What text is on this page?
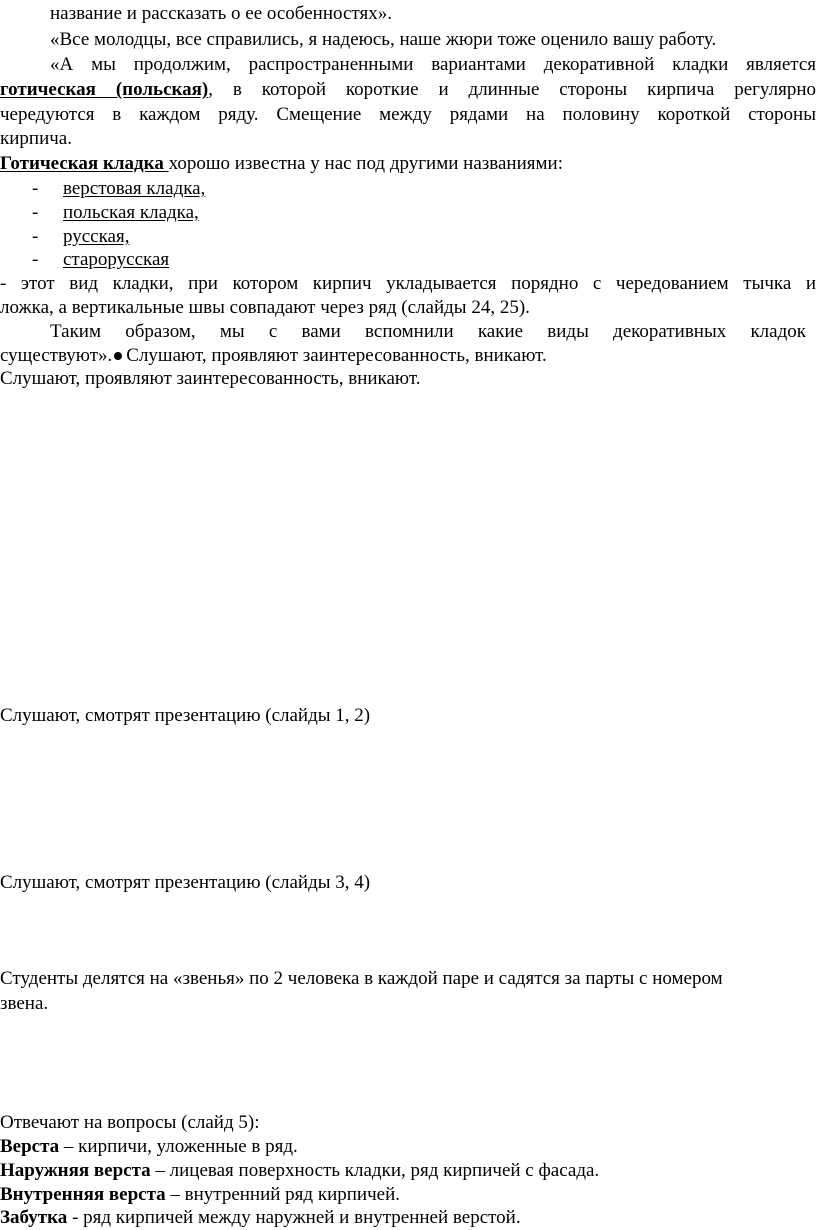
название и рассказать о ее особенностях».
«Все молодцы, все справились, я надеюсь, наше жюри тоже оценило вашу работу.
«А мы продолжим, распространенными вариантами декоративной кладки является
готическая (польская), в которой короткие и длинные стороны кирпича регулярно
чередуются в каждом ряду. Смещение между рядами на половину короткой стороны
кирпича.
Готическая кладка хорошо известна у нас под другими названиями:
- верстовая кладка,
- польская кладка,
- русская,
- старорусская
- этот вид кладки, при котором кирпич укладывается порядно с чередованием тычка и
ложка, а вертикальные швы совпадают через ряд (слайды 24, 25).
Таким образом, мы с вами вспомнили какие виды декоративных кладок
существуют». Слушают, проявляют заинтересованность, вникают.
Слушают, проявляют заинтересованность, вникают.
Слушают, смотрят презентацию (слайды 1, 2)
Слушают, смотрят презентацию (слайды 3, 4)
Студенты делятся на «звенья» по 2 человека в каждой паре и садятся за парты с номером
звена.
Отвечают на вопросы (слайд 5):
Верста – кирпичи, уложенные в ряд.
Наружняя верста – лицевая поверхность кладки, ряд кирпичей с фасада.
Внутренняя верста – внутренний ряд кирпичей.
Забутка - ряд кирпичей между наружней и внутренней верстой.
